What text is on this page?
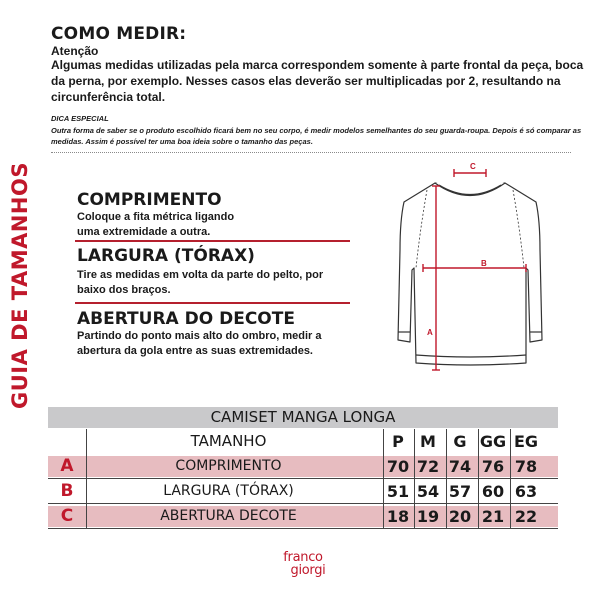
GUIA DE TAMANHOS
COMO MEDIR:
Atenção
Algumas medidas utilizadas pela marca correspondem somente à parte frontal da peça, boca da perna, por exemplo. Nesses casos elas deverão ser multiplicadas por 2, resultando na circunferência total.
DICA ESPECIAL
Outra forma de saber se o produto escolhido ficará bem no seu corpo, é medir modelos semelhantes do seu guarda-roupa. Depois é só comparar as medidas. Assim é possível ter uma boa ideia sobre o tamanho das peças.
COMPRIMENTO
Coloque a fita métrica ligando uma extremidade a outra.
LARGURA (TÓRAX)
Tire as medidas em volta da parte do pelto, por baixo dos braços.
ABERTURA DO DECOTE
Partindo do ponto mais alto do ombro, medir a abertura da gola entre as suas extremidades.
C
B
A
CAMISET MANGA LONGA
TAMANHO	P	M	G GG EG
A	COMPRIMENTO	70 72 74 76 78
B	LARGURA (TÓRAX)	51 54 57 60 63
C	ABERTURA DECOTE	18 19 20 21 22
franco
giorgi
